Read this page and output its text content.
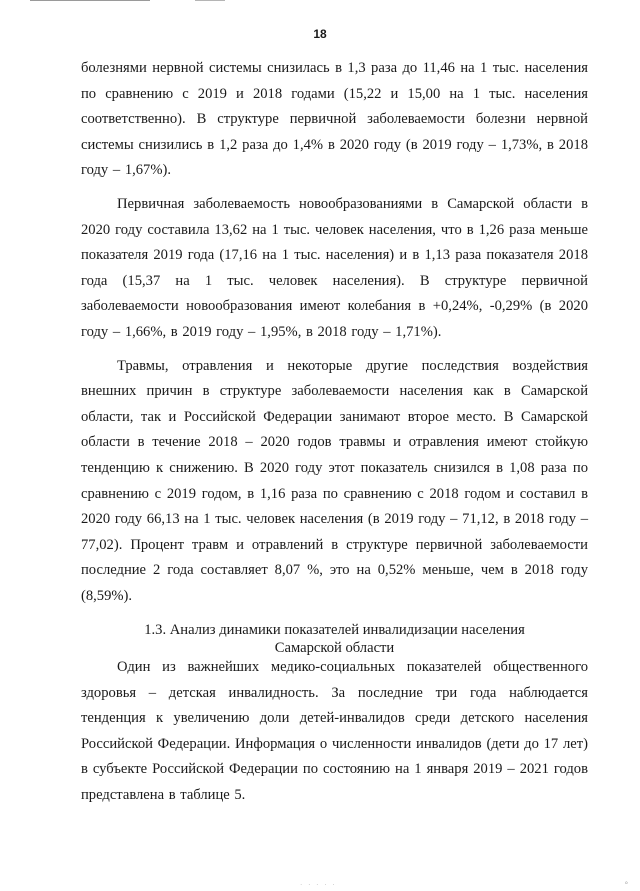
18

болезнями нервной системы снизилась в 1,3 раза до 11,46 на 1 тыс. населения по сравнению с 2019 и 2018 годами (15,22 и 15,00 на 1 тыс. населения соответственно). В структуре первичной заболеваемости болезни нервной системы снизились в 1,2 раза до 1,4% в 2020 году (в 2019 году – 1,73%, в 2018 году – 1,67%).

Первичная заболеваемость новообразованиями в Самарской области в 2020 году составила 13,62 на 1 тыс. человек населения, что в 1,26 раза меньше показателя 2019 года (17,16 на 1 тыс. населения) и в 1,13 раза показателя 2018 года (15,37 на 1 тыс. человек населения). В структуре первичной заболеваемости новообразования имеют колебания в +0,24%, -0,29% (в 2020 году – 1,66%, в 2019 году – 1,95%, в 2018 году – 1,71%).

Травмы, отравления и некоторые другие последствия воздействия внешних причин в структуре заболеваемости населения как в Самарской области, так и Российской Федерации занимают второе место. В Самарской области в течение 2018 – 2020 годов травмы и отравления имеют стойкую тенденцию к снижению. В 2020 году этот показатель снизился в 1,08 раза по сравнению с 2019 годом, в 1,16 раза по сравнению с 2018 годом и составил в 2020 году 66,13 на 1 тыс. человек населения (в 2019 году – 71,12, в 2018 году – 77,02). Процент травм и отравлений в структуре первичной заболеваемости последние 2 года составляет 8,07 %, это на 0,52% меньше, чем в 2018 году (8,59%).

1.3. Анализ динамики показателей инвалидизации населения
Самарской области

Один из важнейших медико-социальных показателей общественного здоровья – детская инвалидность. За последние три года наблюдается тенденция к увеличению доли детей-инвалидов среди детского населения Российской Федерации. Информация о численности инвалидов (дети до 17 лет) в субъекте Российской Федерации по состоянию на 1 января 2019 – 2021 годов представлена в таблице 5.

· · · · ·	°
